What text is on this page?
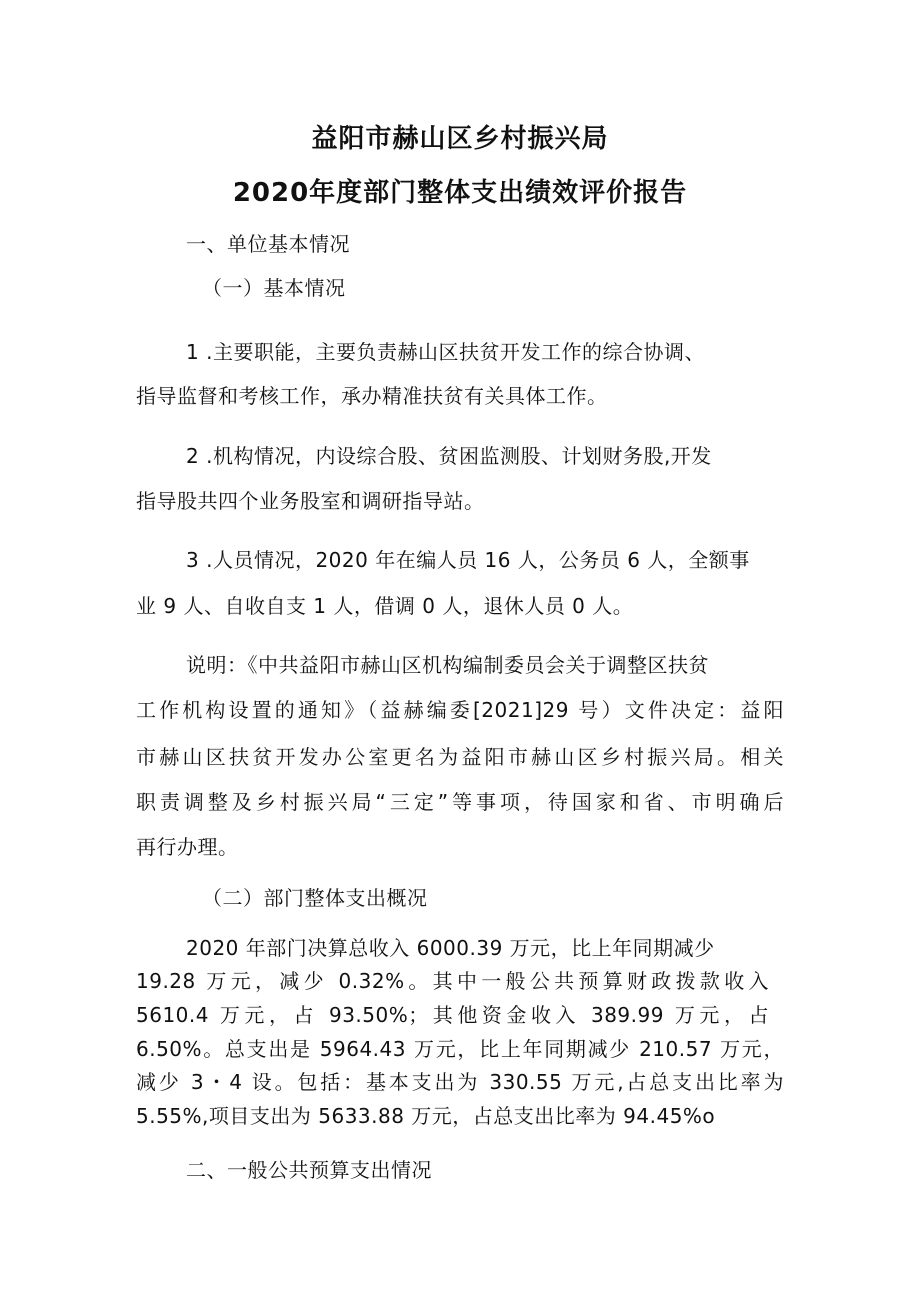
益阳市赫山区乡村振兴局
2020年度部门整体支出绩效评价报告
一、单位基本情况
（一）基本情况
1 .主要职能，主要负责赫山区扶贫开发工作的综合协调、
指导监督和考核工作，承办精准扶贫有关具体工作。
2 .机构情况，内设综合股、贫困监测股、计划财务股,开发
指导股共四个业务股室和调研指导站。
3 .人员情况，2020 年在编人员 16 人，公务员 6 人，全额事
业 9 人、自收自支 1 人，借调 0 人，退休人员 0 人。
说明：《中共益阳市赫山区机构编制委员会关于调整区扶贫
工作机构设置的通知》（益赫编委[2021]29 号）文件决定：益阳
市赫山区扶贫开发办公室更名为益阳市赫山区乡村振兴局。相关
职责调整及乡村振兴局“三定”等事项，待国家和省、市明确后
再行办理。
（二）部门整体支出概况
2020 年部门决算总收入 6000.39 万元，比上年同期减少
19.28 万元，减少 0.32%。其中一般公共预算财政拨款收入
5610.4 万元，占 93.50%；其他资金收入 389.99 万元，占
6.50%。总支出是 5964.43 万元，比上年同期减少 210.57 万元，
减少 3・4 设。包括：基本支出为 330.55 万元,占总支出比率为
5.55%,项目支出为 5633.88 万元，占总支出比率为 94.45%o
二、一般公共预算支出情况
